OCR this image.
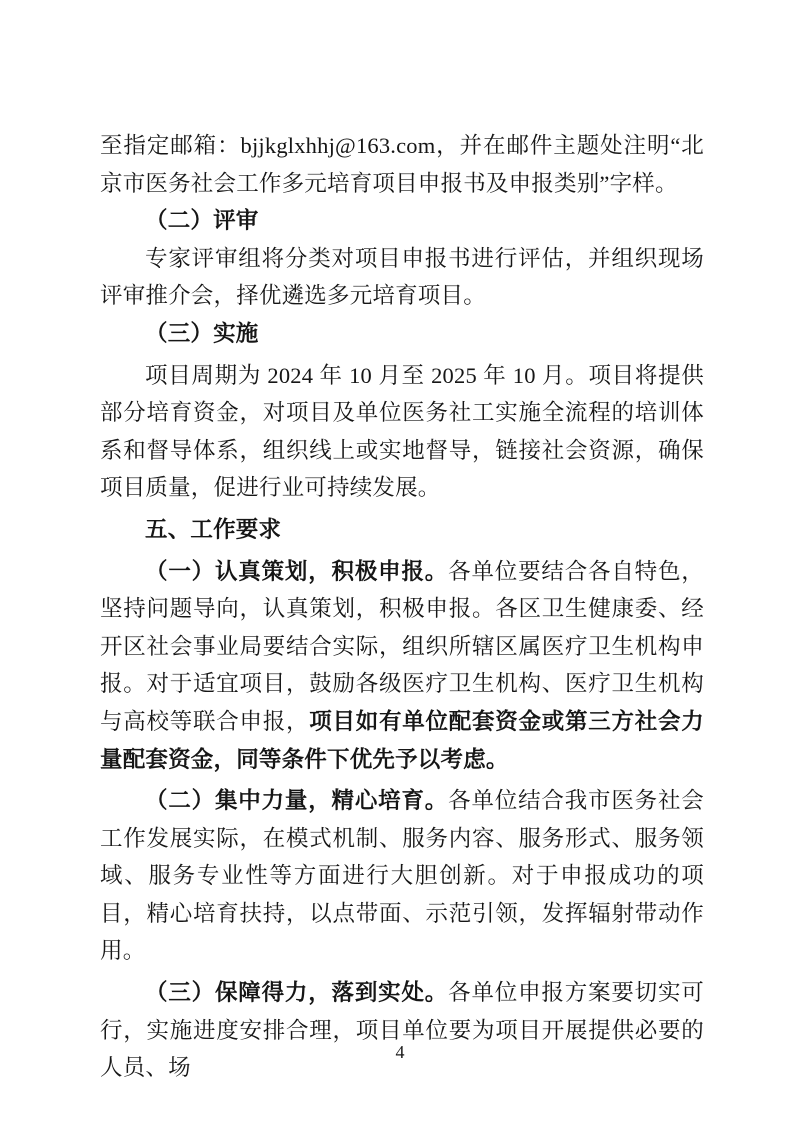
至指定邮箱：bjjkglxhhj@163.com，并在邮件主题处注明“北京市医务社会工作多元培育项目申报书及申报类别”字样。

（二）评审

专家评审组将分类对项目申报书进行评估，并组织现场评审推介会，择优遴选多元培育项目。

（三）实施

项目周期为 2024 年 10 月至 2025 年 10 月。项目将提供部分培育资金，对项目及单位医务社工实施全流程的培训体系和督导体系，组织线上或实地督导，链接社会资源，确保项目质量，促进行业可持续发展。

五、工作要求

（一）认真策划，积极申报。各单位要结合各自特色，坚持问题导向，认真策划，积极申报。各区卫生健康委、经开区社会事业局要结合实际，组织所辖区属医疗卫生机构申报。对于适宜项目，鼓励各级医疗卫生机构、医疗卫生机构与高校等联合申报，项目如有单位配套资金或第三方社会力量配套资金，同等条件下优先予以考虑。

（二）集中力量，精心培育。各单位结合我市医务社会工作发展实际，在模式机制、服务内容、服务形式、服务领域、服务专业性等方面进行大胆创新。对于申报成功的项目，精心培育扶持，以点带面、示范引领，发挥辐射带动作用。

（三）保障得力，落到实处。各单位申报方案要切实可行，实施进度安排合理，项目单位要为项目开展提供必要的人员、场

4
